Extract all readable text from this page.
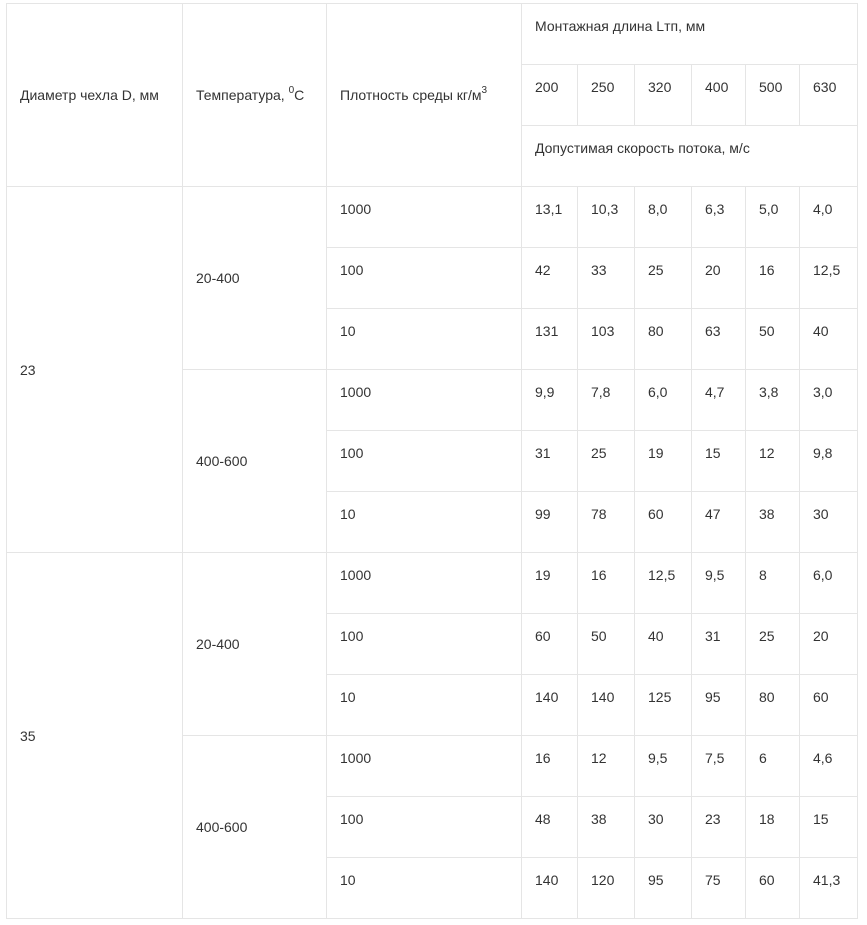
Диаметр чехла D, мм	Температура, $^0$C	Плотность среды $кг/м^3$	Монтажная длина Lтп, мм					
			200	250	320	400	500	630
			Допустимая скорость потока, м/с					
23	20-400	1000	13,1	10,3	8,0	6,3	5,0	4,0
		100	42	33	25	20	16	12,5
		10	131	103	80	63	50	40
	400-600	1000	9,9	7,8	6,0	4,7	3,8	3,0
		100	31	25	19	15	12	9,8
		10	99	78	60	47	38	30
35	20-400	1000	19	16	12,5	9,5	8	6,0
		100	60	50	40	31	25	20
		10	140	140	125	95	80	60
	400-600	1000	16	12	9,5	7,5	6	4,6
		100	48	38	30	23	18	15
		10	140	120	95	75	60	41,3
